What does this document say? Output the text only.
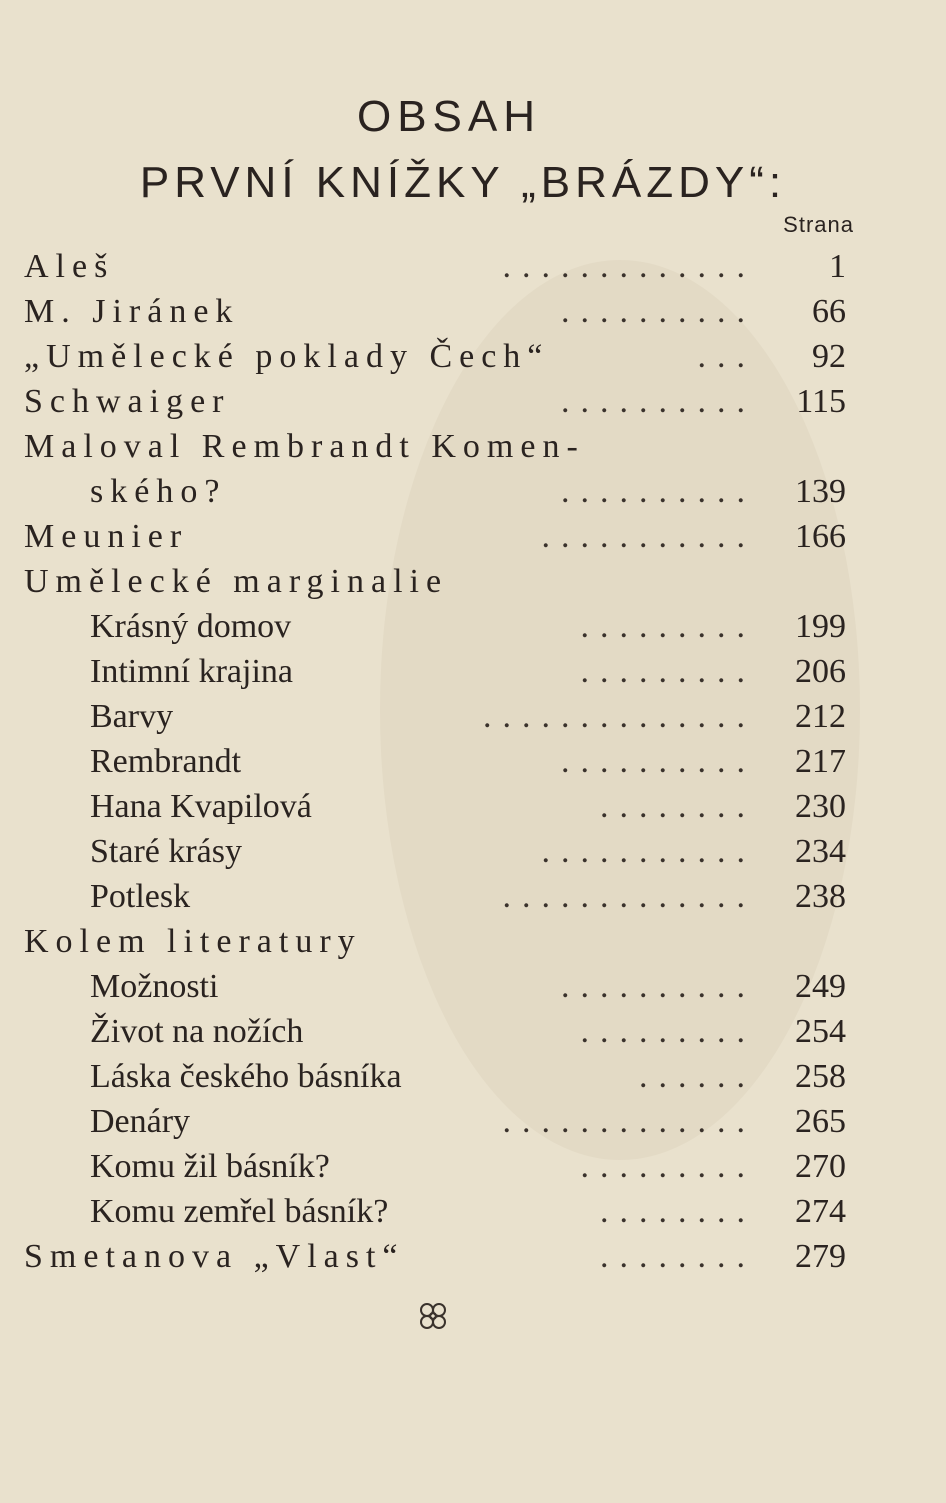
OBSAH
PRVNÍ KNÍŽKY „BRÁZDY“:
Strana
Aleš	............. 1
M. Jiránek	.......... 66
„Umělecké poklady Čech“	... 92
Schwaiger	.......... 115
Maloval Rembrandt Komen-
ského?	.......... 139
Meunier	........... 166
Umělecké marginalie
Krásný domov	......... 199
Intimní krajina	......... 206
Barvy	.............. 212
Rembrandt	.......... 217
Hana Kvapilová	........ 230
Staré krásy	........... 234
Potlesk	............. 238
Kolem literatury
Možnosti	.......... 249
Život na nožích	......... 254
Láska českého básníka	...... 258
Denáry	............. 265
Komu žil básník?	......... 270
Komu zemřel básník?	........ 274
Smetanova „Vlast“	........ 279
